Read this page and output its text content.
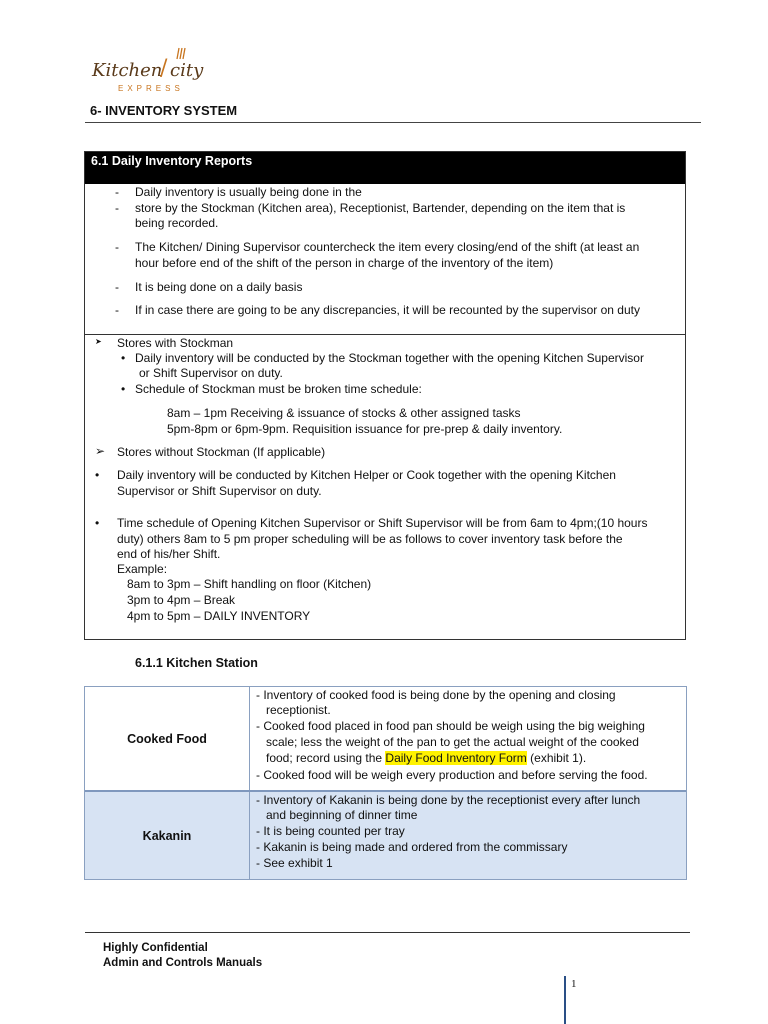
Kitchen
/ city
EXPRESS
6- INVENTORY SYSTEM
6.1 Daily Inventory Reports
- Daily inventory is usually being done in the
- store by the Stockman (Kitchen area), Receptionist, Bartender, depending on the item that is
being recorded.
- The Kitchen/ Dining Supervisor countercheck the item every closing/end of the shift (at least an
hour before end of the shift of the person in charge of the inventory of the item)
- It is being done on a daily basis
- If in case there are going to be any discrepancies, it will be recounted by the supervisor on duty
➤ Stores with Stockman
• Daily inventory will be conducted by the Stockman together with the opening Kitchen Supervisor
or Shift Supervisor on duty.
• Schedule of Stockman must be broken time schedule:
8am – 1pm Receiving & issuance of stocks & other assigned tasks
5pm-8pm or 6pm-9pm. Requisition issuance for pre-prep & daily inventory.
➢ Stores without Stockman (If applicable)
• Daily inventory will be conducted by Kitchen Helper or Cook together with the opening Kitchen
Supervisor or Shift Supervisor on duty.
• Time schedule of Opening Kitchen Supervisor or Shift Supervisor will be from 6am to 4pm;(10 hours
duty) others 8am to 5 pm proper scheduling will be as follows to cover inventory task before the
end of his/her Shift.
Example:
8am to 3pm – Shift handling on floor (Kitchen)
3pm to 4pm – Break
4pm to 5pm – DAILY INVENTORY
6.1.1 Kitchen Station
Cooked Food
- Inventory of cooked food is being done by the opening and closing
receptionist.
- Cooked food placed in food pan should be weigh using the big weighing
scale; less the weight of the pan to get the actual weight of the cooked
food; record using the Daily Food Inventory Form (exhibit 1).
- Cooked food will be weigh every production and before serving the food.
Kakanin
- Inventory of Kakanin is being done by the receptionist every after lunch
and beginning of dinner time
- It is being counted per tray
- Kakanin is being made and ordered from the commissary
- See exhibit 1
Highly Confidential
Admin and Controls Manuals
1
